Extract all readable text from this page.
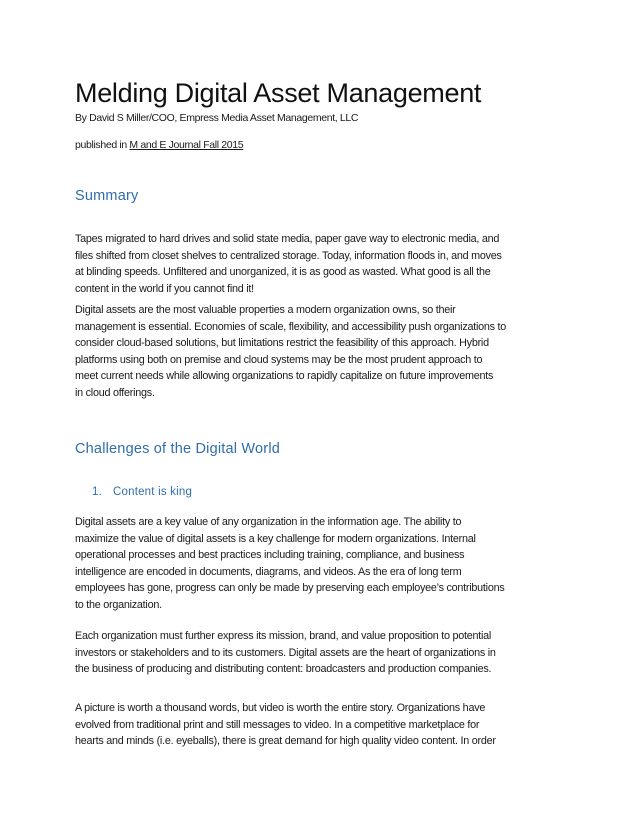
Melding Digital Asset Management

By David S Miller/COO, Empress Media Asset Management, LLC

published in M and E Journal Fall 2015

Summary
Tapes migrated to hard drives and solid state media, paper gave way to electronic media, and
files shifted from closet shelves to centralized storage. Today, information floods in, and moves
at blinding speeds. Unfiltered and unorganized, it is as good as wasted. What good is all the
content in the world if you cannot find it!
Digital assets are the most valuable properties a modern organization owns, so their
management is essential. Economies of scale, flexibility, and accessibility push organizations to
consider cloud-based solutions, but limitations restrict the feasibility of this approach. Hybrid
platforms using both on premise and cloud systems may be the most prudent approach to
meet current needs while allowing organizations to rapidly capitalize on future improvements
in cloud offerings.
Challenges of the Digital World
1. Content is king
Digital assets are a key value of any organization in the information age. The ability to
maximize the value of digital assets is a key challenge for modern organizations. Internal
operational processes and best practices including training, compliance, and business
intelligence are encoded in documents, diagrams, and videos. As the era of long term
employees has gone, progress can only be made by preserving each employee’s contributions
to the organization.
Each organization must further express its mission, brand, and value proposition to potential
investors or stakeholders and to its customers. Digital assets are the heart of organizations in
the business of producing and distributing content: broadcasters and production companies.
A picture is worth a thousand words, but video is worth the entire story. Organizations have
evolved from traditional print and still messages to video. In a competitive marketplace for
hearts and minds (i.e. eyeballs), there is great demand for high quality video content. In order
